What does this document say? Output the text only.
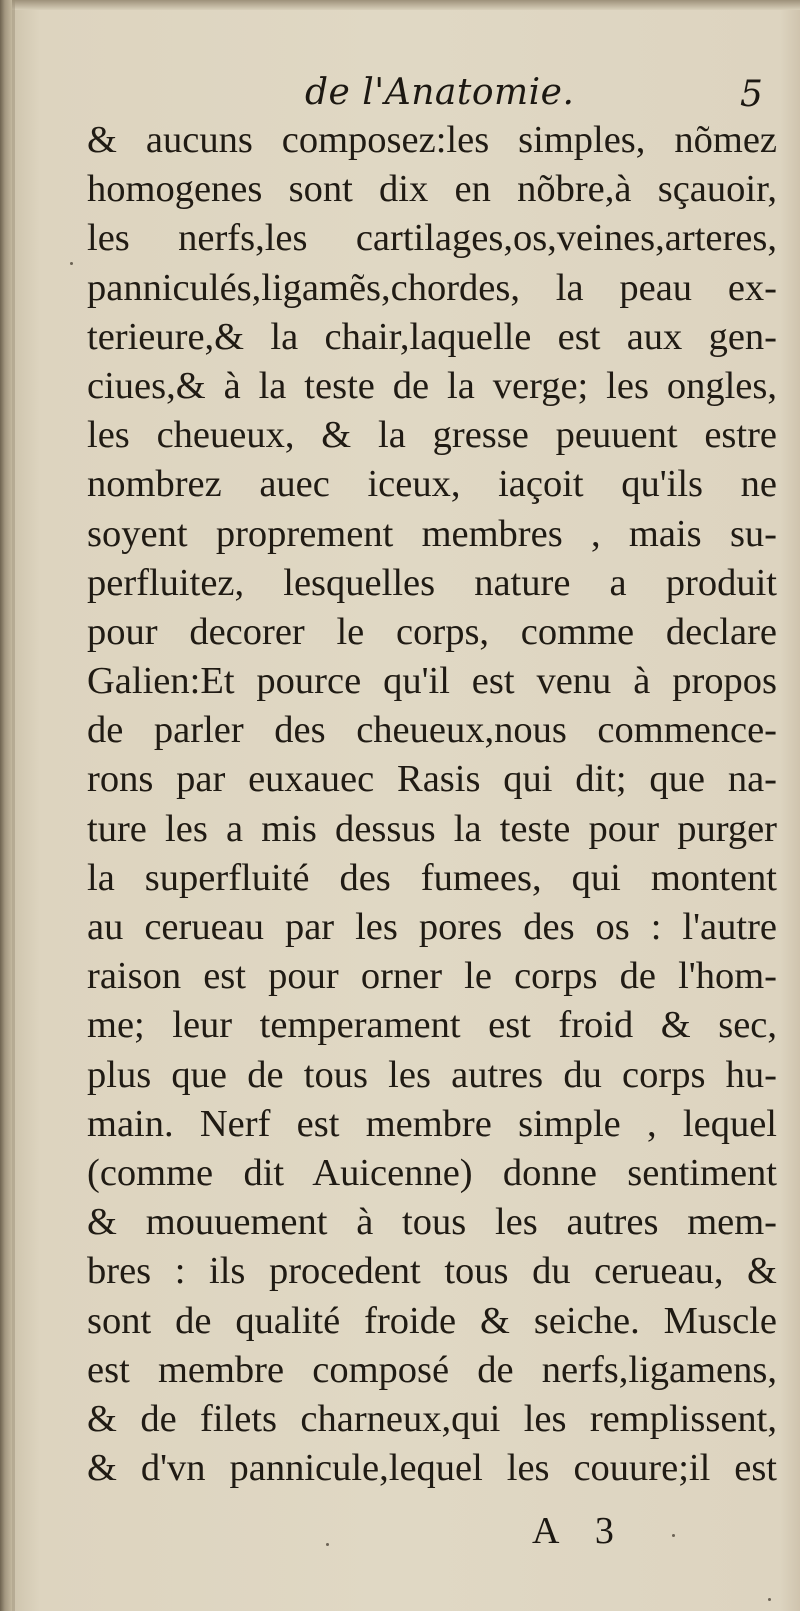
de l'Anatomie.	5
& aucuns composez:les simples, nõmez
homogenes sont dix en nõbre,à sçauoir,
les nerfs,les cartilages,os,veines,arteres,
panniculés,ligamẽs,chordes, la peau ex-
terieure,& la chair,laquelle est aux gen-
ciues,& à la teste de la verge; les ongles,
les cheueux, & la gresse peuuent estre
nombrez auec iceux, iaçoit qu'ils ne
soyent proprement membres , mais su-
perfluitez, lesquelles nature a produit
pour decorer le corps, comme declare
Galien:Et pource qu'il est venu à propos
de parler des cheueux,nous commence-
rons par euxauec Rasis qui dit; que na-
ture les a mis dessus la teste pour purger
la superfluité des fumees, qui montent
au cerueau par les pores des os : l'autre
raison est pour orner le corps de l'hom-
me; leur temperament est froid & sec,
plus que de tous les autres du corps hu-
main. Nerf est membre simple , lequel
(comme dit Auicenne) donne sentiment
& mouuement à tous les autres mem-
bres : ils procedent tous du cerueau, &
sont de qualité froide & seiche. Muscle
est membre composé de nerfs,ligamens,
& de filets charneux,qui les remplissent,
& d'vn pannicule,lequel les couure;il est
A 3
